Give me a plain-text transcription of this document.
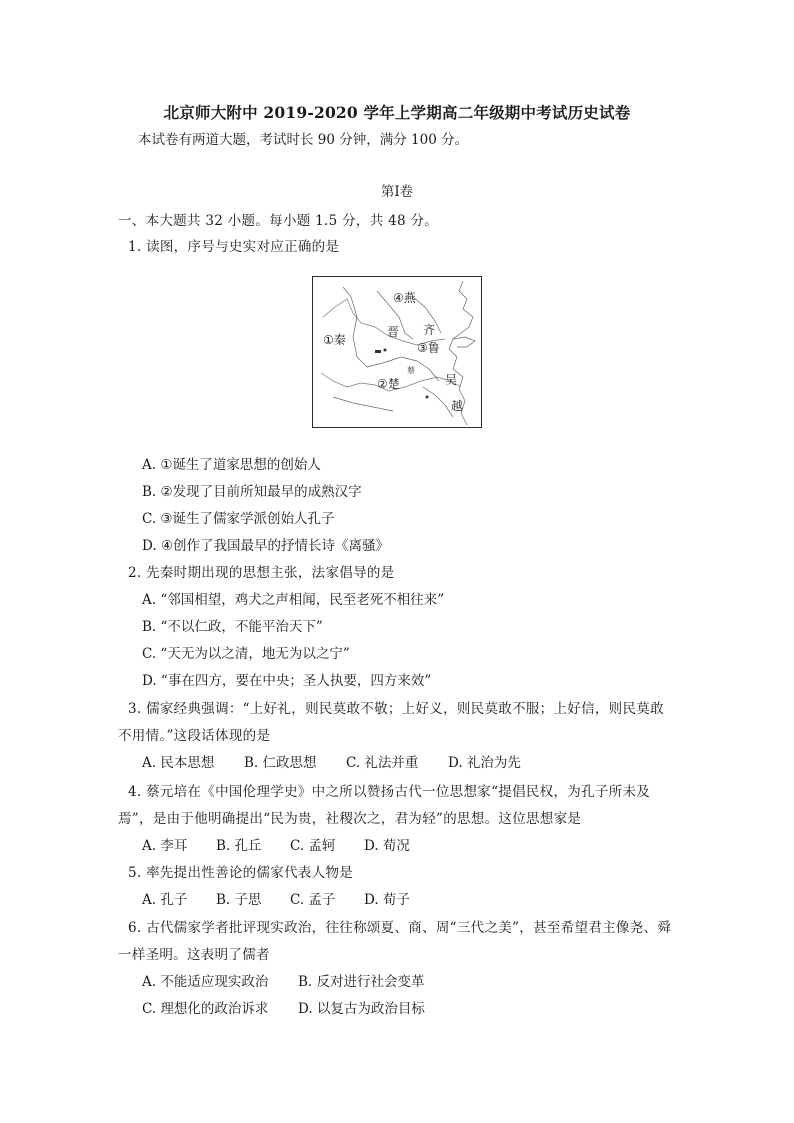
北京师大附中 2019-2020 学年上学期高二年级期中考试历史试卷
本试卷有两道大题，考试时长 90 分钟，满分 100 分。
第Ⅰ卷
一、本大题共 32 小题。每小题 1.5 分，共 48 分。
1. 读图，序号与史实对应正确的是
④燕
晋 齐
①秦
③鲁
蔡
②楚	吴
越
A. ①诞生了道家思想的创始人
B. ②发现了目前所知最早的成熟汉字
C. ③诞生了儒家学派创始人孔子
D. ④创作了我国最早的抒情长诗《离骚》
2. 先秦时期出现的思想主张，法家倡导的是
A. “邻国相望，鸡犬之声相闻，民至老死不相往来”
B. “不以仁政，不能平治天下”
C. “天无为以之清，地无为以之宁”
D. “事在四方，要在中央；圣人执要，四方来效”
3. 儒家经典强调：“上好礼，则民莫敢不敬；上好义，则民莫敢不服；上好信，则民莫敢
不用情。”这段话体现的是
A. 民本思想 B. 仁政思想 C. 礼法并重 D. 礼治为先
4. 蔡元培在《中国伦理学史》中之所以赞扬古代一位思想家“提倡民权，为孔子所未及
焉”，是由于他明确提出“民为贵，社稷次之，君为轻”的思想。这位思想家是
A. 李耳 B. 孔丘 C. 孟轲 D. 荀况
5. 率先提出性善论的儒家代表人物是
A. 孔子 B. 子思 C. 孟子 D. 荀子
6. 古代儒家学者批评现实政治，往往称颂夏、商、周“三代之美”，甚至希望君主像尧、舜
一样圣明。这表明了儒者
A. 不能适应现实政治 B. 反对进行社会变革
C. 理想化的政治诉求 D. 以复古为政治目标
